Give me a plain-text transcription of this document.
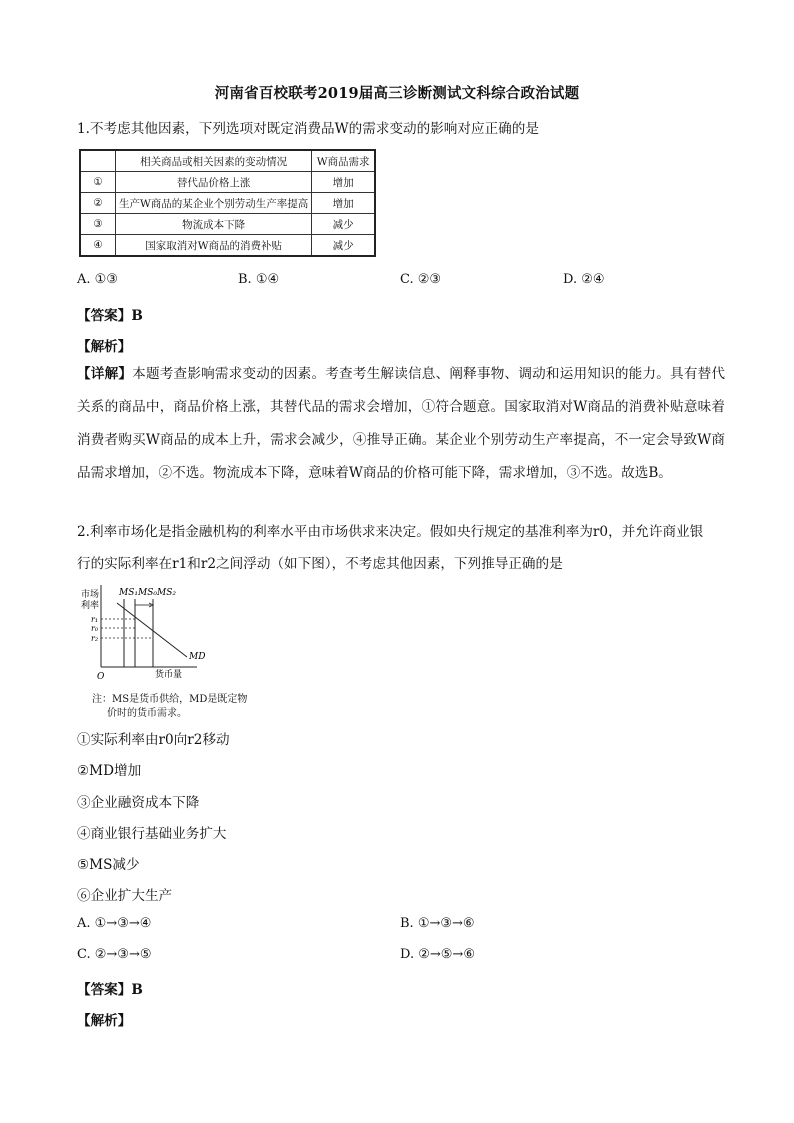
河南省百校联考2019届高三诊断测试文科综合政治试题
1.不考虑其他因素，下列选项对既定消费品W的需求变动的影响对应正确的是
	相关商品或相关因素的变动情况	W商品需求
①	替代品价格上涨	增加
②	生产W商品的某企业个别劳动生产率提高	增加
③	物流成本下降	减少
④	国家取消对W商品的消费补贴	减少
A. ①③	B. ①④	C. ②③	D. ②④
【答案】B
【解析】
【详解】本题考查影响需求变动的因素。考查考生解读信息、阐释事物、调动和运用知识的能力。具有替代关系的商品中，商品价格上涨，其替代品的需求会增加，①符合题意。国家取消对W商品的消费补贴意味着消费者购买W商品的成本上升，需求会减少，④推导正确。某企业个别劳动生产率提高，不一定会导致W商品需求增加，②不选。物流成本下降，意味着W商品的价格可能下降，需求增加，③不选。故选B。
2.利率市场化是指金融机构的利率水平由市场供求来决定。假如央行规定的基准利率为r0，并允许商业银
行的实际利率在r1和r2之间浮动（如下图），不考虑其他因素，下列推导正确的是
市场
利率
MS₁MS₀MS₂
MD
r₁
r₀
r₂
O	货币量
注：MS是货币供给，MD是既定物
价时的货币需求。
①实际利率由r0向r2移动
②MD增加
③企业融资成本下降
④商业银行基础业务扩大
⑤MS减少
⑥企业扩大生产
A. ①→③→④	B. ①→③→⑥
C. ②→③→⑤	D. ②→⑤→⑥
【答案】B
【解析】
